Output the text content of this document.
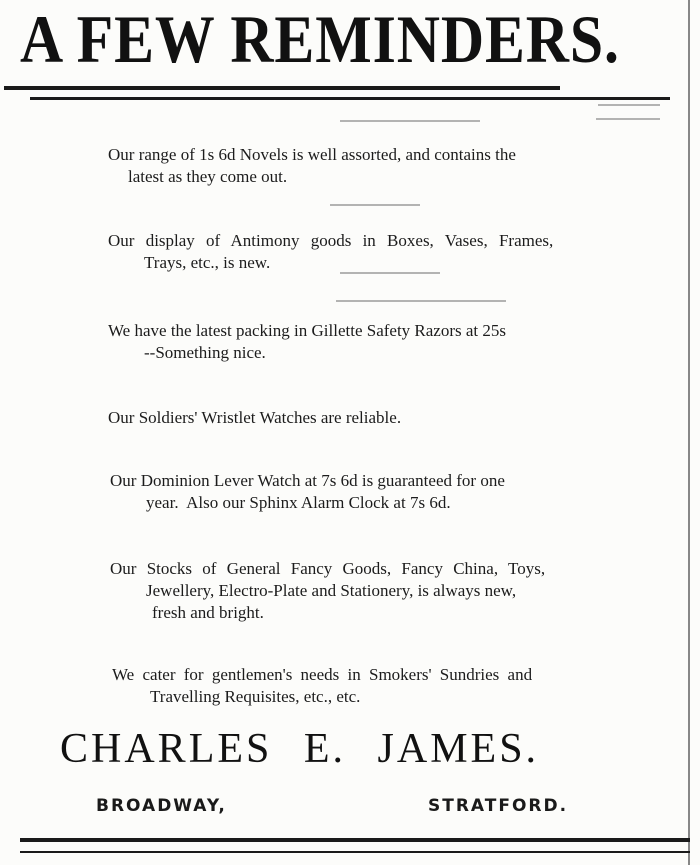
A FEW REMINDERS.
Our range of 1s 6d Novels is well assorted, and contains the
latest as they come out.
Our display of Antimony goods in Boxes, Vases, Frames,
Trays, etc., is new.
We have the latest packing in Gillette Safety Razors at 25s
--Something nice.
Our Soldiers' Wristlet Watches are reliable.
Our Dominion Lever Watch at 7s 6d is guaranteed for one
year.  Also our Sphinx Alarm Clock at 7s 6d.
Our Stocks of General Fancy Goods, Fancy China, Toys,
Jewellery, Electro-Plate and Stationery, is always new,
fresh and bright.
We cater for gentlemen's needs in Smokers' Sundries and
Travelling Requisites, etc., etc.
CHARLES E. JAMES.
BROADWAY,	STRATFORD.
